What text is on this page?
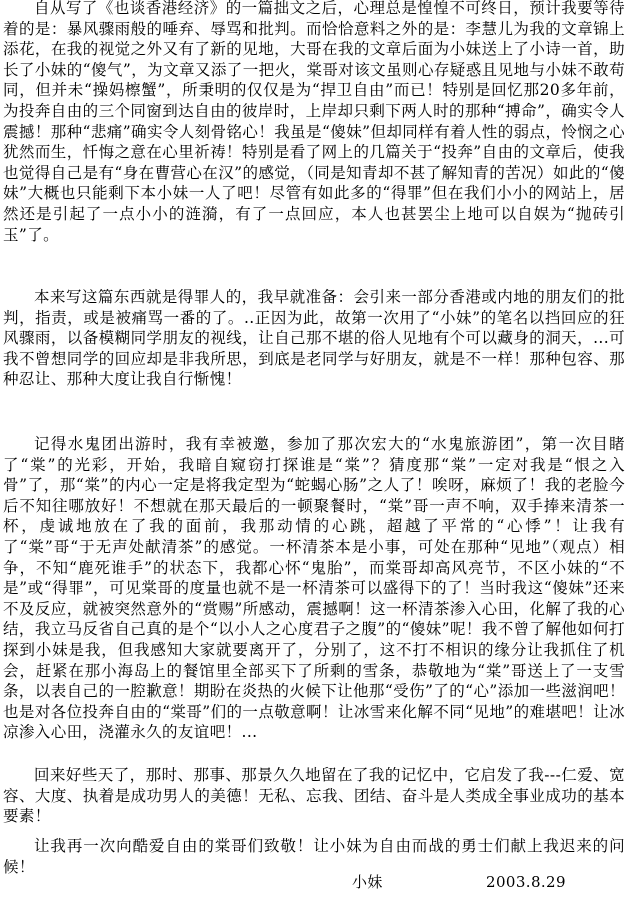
自从写了《也谈香港经济》的一篇拙文之后，心理总是惶惶不可终日，预计我要等待着的是：暴风骤雨般的唾弃、辱骂和批判。而恰恰意料之外的是：李慧儿为我的文章锦上添花，在我的视觉之外又有了新的见地，大哥在我的文章后面为小妹送上了小诗一首，助长了小妹的“傻气”，为文章又添了一把火，棠哥对该文虽则心存疑惑且见地与小妹不敢苟同，但并未“操妈檫蟹”，所秉明的仅仅是为“捍卫自由”而已！特别是回忆那20多年前，为投奔自由的三个同窗到达自由的彼岸时，上岸却只剩下两人时的那种“搏命”，确实令人震撼！那种“悲痛”确实令人刻骨铭心！我虽是“傻妹”但却同样有着人性的弱点，怜悯之心犹然而生，忏悔之意在心里祈祷！特别是看了网上的几篇关于“投奔”自由的文章后，使我也觉得自己是有“身在曹营心在汉”的感觉，（同是知青却不甚了解知青的苦况）如此的“傻妹”大概也只能剩下本小妹一人了吧！尽管有如此多的“得罪”但在我们小小的网站上，居然还是引起了一点小小的涟漪，有了一点回应，本人也甚罢尘上地可以自娱为“抛砖引玉”了。

本来写这篇东西就是得罪人的，我早就准备：会引来一部分香港或内地的朋友们的批判，指责，或是被痛骂一番的了。..正因为此，故第一次用了“小妹”的笔名以挡回应的狂风骤雨，以备模糊同学朋友的视线，让自己那不堪的俗人见地有个可以藏身的洞天，...可我不曾想同学的回应却是非我所思，到底是老同学与好朋友，就是不一样！那种包容、那种忍让、那种大度让我自行惭愧！

记得水鬼团出游时，我有幸被邀，参加了那次宏大的“水鬼旅游团”，第一次目睹了“棠”的光彩，开始，我暗自窥窃打探谁是“棠”？猜度那“棠”一定对我是“恨之入骨”了，那“棠”的内心一定是将我定型为“蛇蝎心肠”之人了！唉呀，麻烦了！我的老脸今后不知往哪放好！不想就在那天最后的一顿聚餐时，“棠”哥一声不响，双手捧来清茶一杯，虔诚地放在了我的面前，我那动情的心跳，超越了平常的“心悸”！让我有了“棠”哥“于无声处献清茶”的感觉。一杯清茶本是小事，可处在那种“见地”（观点）相争，不知“鹿死谁手”的状态下，我都心怀“鬼胎”，而棠哥却高风亮节，不区小妹的“不是”或“得罪”，可见棠哥的度量也就不是一杯清茶可以盛得下的了！当时我这“傻妹”还来不及反应，就被突然意外的“赏赐”所感动，震撼啊！这一杯清茶渗入心田，化解了我的心结，我立马反省自己真的是个“以小人之心度君子之腹”的“傻妹”呢！我不曾了解他如何打探到小妹是我，但我感知大家就要离开了，分别了，这不打不相识的缘分让我抓住了机会，赶紧在那小海岛上的餐馆里全部买下了所剩的雪条，恭敬地为“棠”哥送上了一支雪条，以表自己的一腔歉意！期盼在炎热的火候下让他那“受伤”了的“心”添加一些滋润吧！也是对各位投奔自由的“棠哥”们的一点敬意啊！让冰雪来化解不同“见地”的难堪吧！让冰凉渗入心田，浇灌永久的友谊吧！...

回来好些天了，那时、那事、那景久久地留在了我的记忆中，它启发了我---仁爱、宽容、大度、执着是成功男人的美德！无私、忘我、团结、奋斗是人类成全事业成功的基本要素！

让我再一次向酷爱自由的棠哥们致敬！让小妹为自由而战的勇士们献上我迟来的问候！

小妹	2003.8.29
